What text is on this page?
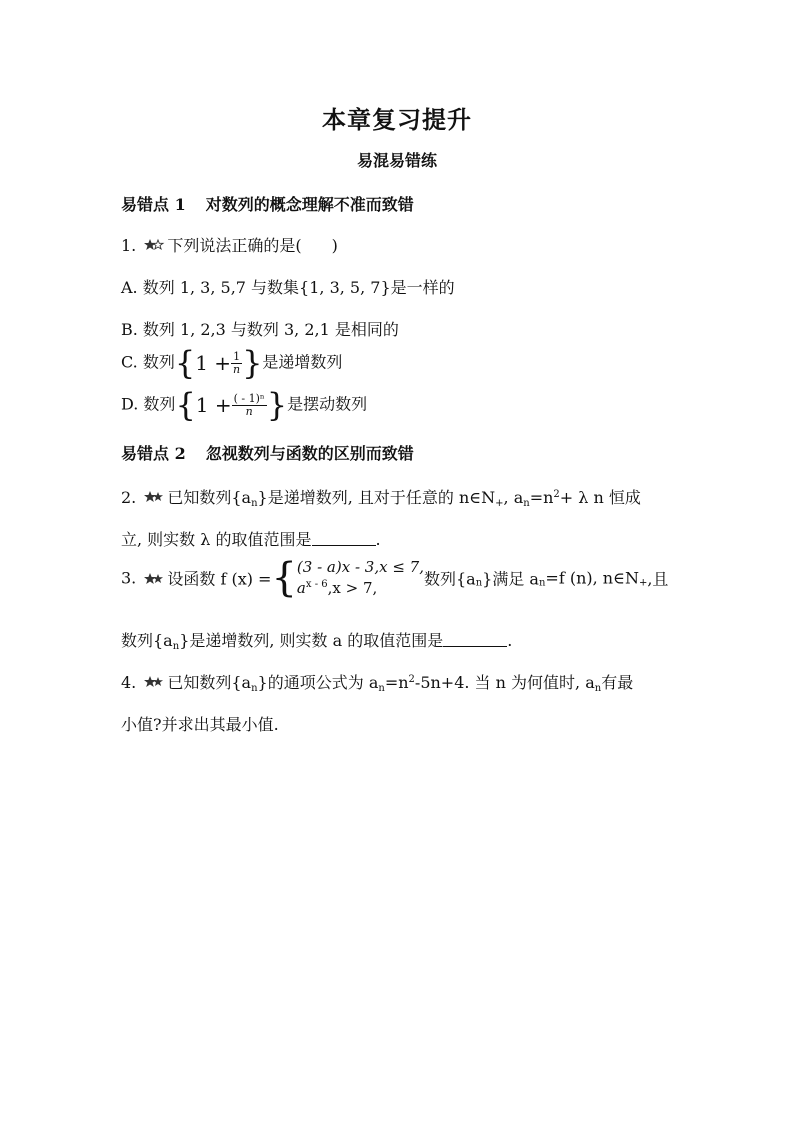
本章复习提升
易混易错练
易错点 1 对数列的概念理解不准而致错
1. 下列说法正确的是( )
A. 数列 1, 3, 5,7 与数集{1, 3, 5, 7}是一样的
B. 数列 1, 2,3 与数列 3, 2,1 是相同的
C. 数列{$1 + \frac{1}{n}$ }是递增数列
D. 数列{$1 + \frac{\text{( - 1)ⁿ}}{n}$ }是摆动数列
易错点 2 忽视数列与函数的区别而致错
2. 已知数列$\{a_n\}$是递增数列, 且对于任意的 $n\in N_+$, $a_n=n^2+ \lambda$ n 恒成
立, 则实数 λ 的取值范围是	.
3. 设函数 f (x) ={(3 - a)x - 3,x ≤ 7,
$a^{x - 6},x > 7$,	数列$\{a_n\}$满足 $a_n=f$ (n), $n\in N_+$,且
数列$\{a_n\}$是递增数列, 则实数 a 的取值范围是	.
4. 已知数列$\{a_n\}$的通项公式为 $a_n=n^2-5n+4$. 当 n 为何值时, $a_n$有最
小值?并求出其最小值.
